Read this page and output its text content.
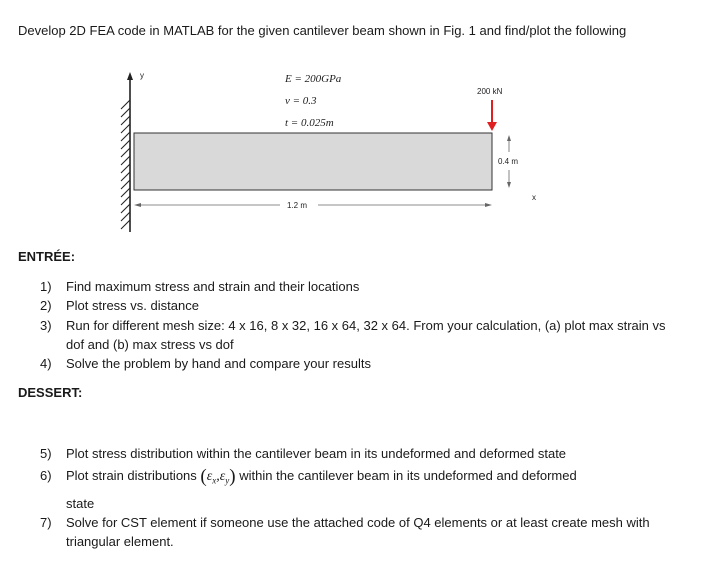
Develop 2D FEA code in MATLAB for the given cantilever beam shown in Fig. 1 and find/plot the following
y	E = 200GPa
ν = 0.3
t = 0.025m
200 kN
0.4 m
x
1.2 m
ENTRÉE:
1) Find maximum stress and strain and their locations
2) Plot stress vs. distance
3) Run for different mesh size: 4 x 16, 8 x 32, 16 x 64, 32 x 64. From your calculation, (a) plot max strain vs dof and (b) max stress vs dof
4) Solve the problem by hand and compare your results
DESSERT:
5) Plot stress distribution within the cantilever beam in its undeformed and deformed state
6) Plot strain distributions $(\varepsilon_x,\varepsilon_y)$ within the cantilever beam in its undeformed and deformed
state
7) Solve for CST element if someone use the attached code of Q4 elements or at least create mesh with triangular element.
